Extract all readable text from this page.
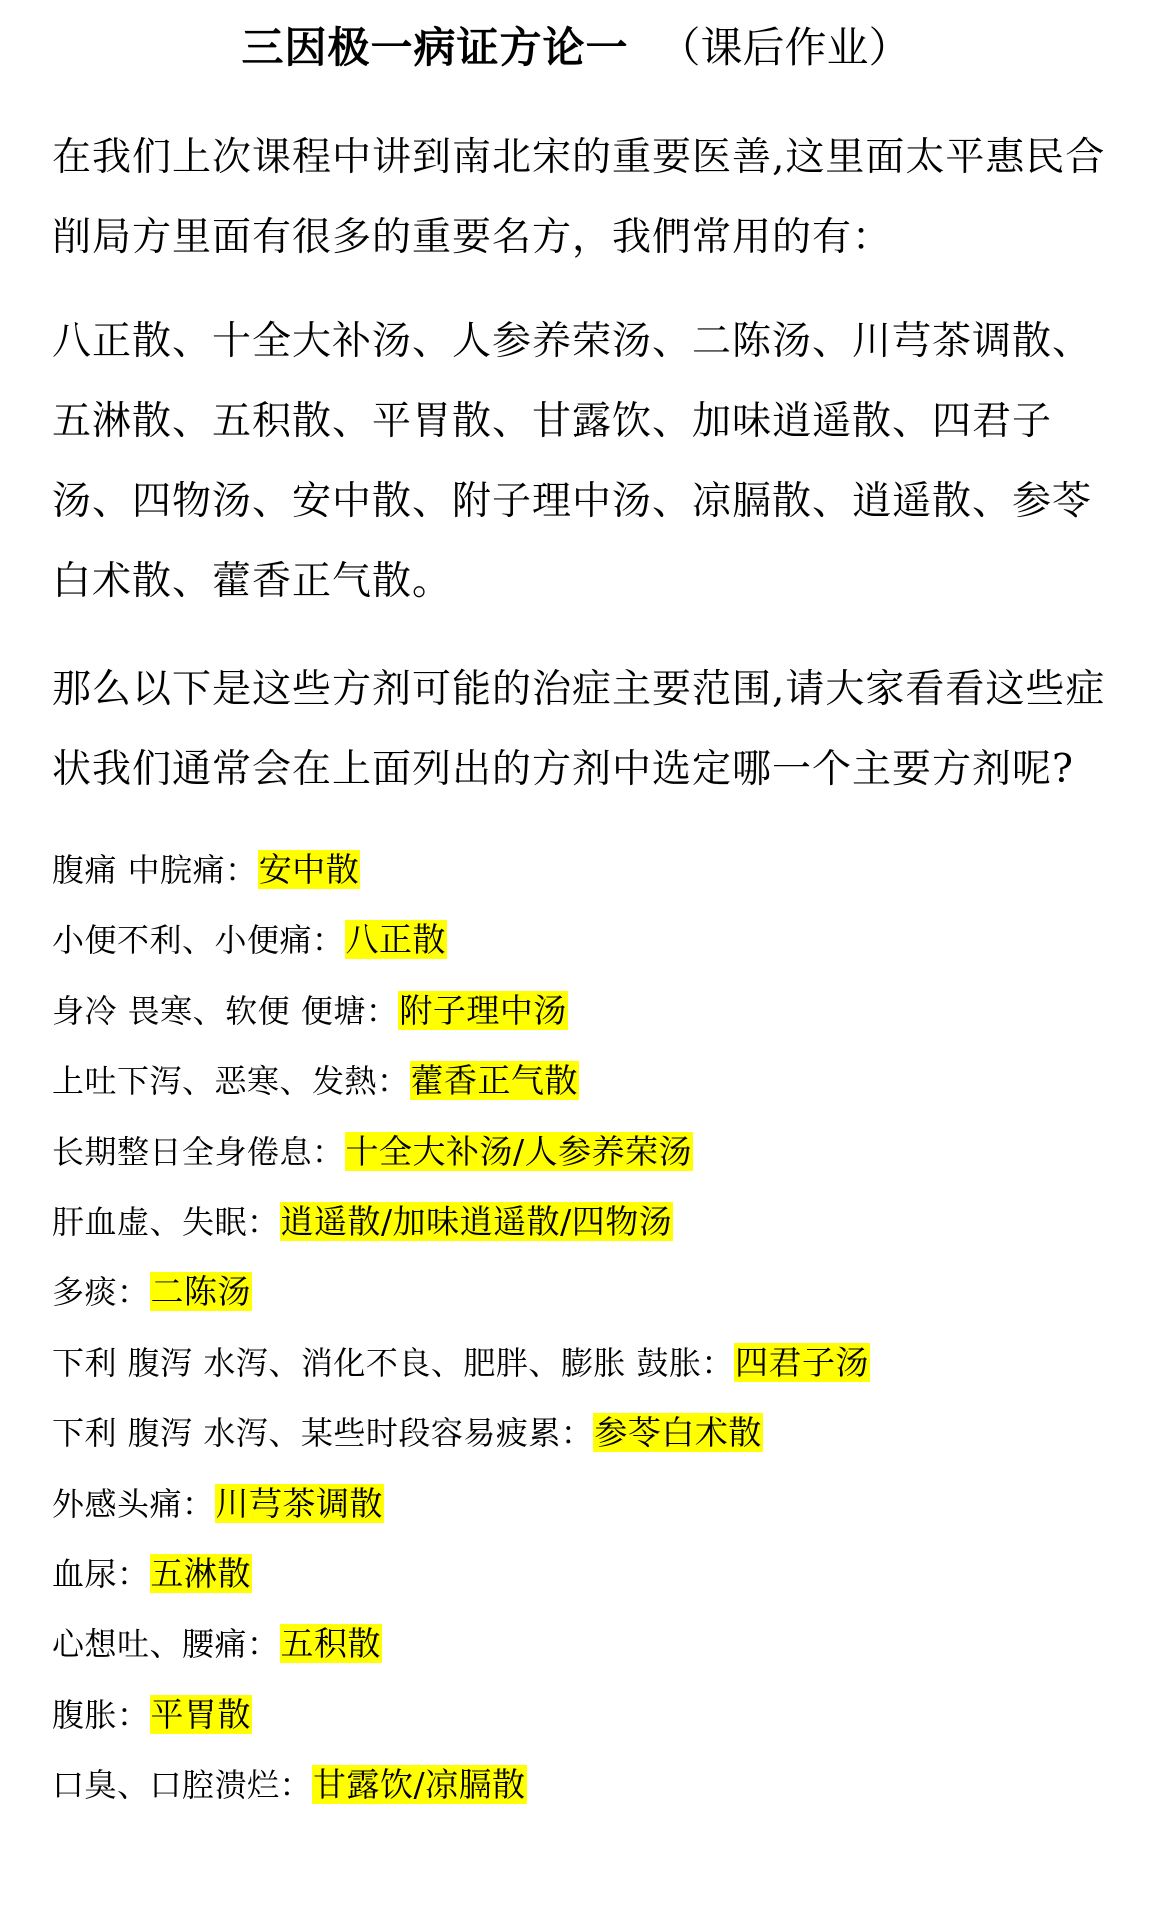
三因极一病证方论一 （课后作业）

在我们上次课程中讲到南北宋的重要医善,这里面太平惠民合削局方里面有很多的重要名方，我們常用的有：

八正散、十全大补汤、人参养荣汤、二陈汤、川芎茶调散、五淋散、五积散、平胃散、甘露饮、加味逍遥散、四君子汤、四物汤、安中散、附子理中汤、凉膈散、逍遥散、参苓白术散、藿香正气散。

那么以下是这些方剂可能的治症主要范围,请大家看看这些症状我们通常会在上面列出的方剂中选定哪一个主要方剂呢?

腹痛 中脘痛：安中散
小便不利、小便痛：八正散
身冷 畏寒、软便 便塘：附子理中汤
上吐下泻、恶寒、发熱：藿香正气散
长期整日全身倦息：十全大补汤/人参养荣汤
肝血虚、失眠：逍遥散/加味逍遥散/四物汤
多痰：二陈汤
下利 腹泻 水泻、消化不良、肥胖、膨胀 鼓胀：四君子汤
下利 腹泻 水泻、某些时段容易疲累：参苓白术散
外感头痛：川芎茶调散
血尿：五淋散
心想吐、腰痛：五积散
腹胀：平胃散
口臭、口腔溃烂：甘露饮/凉膈散
